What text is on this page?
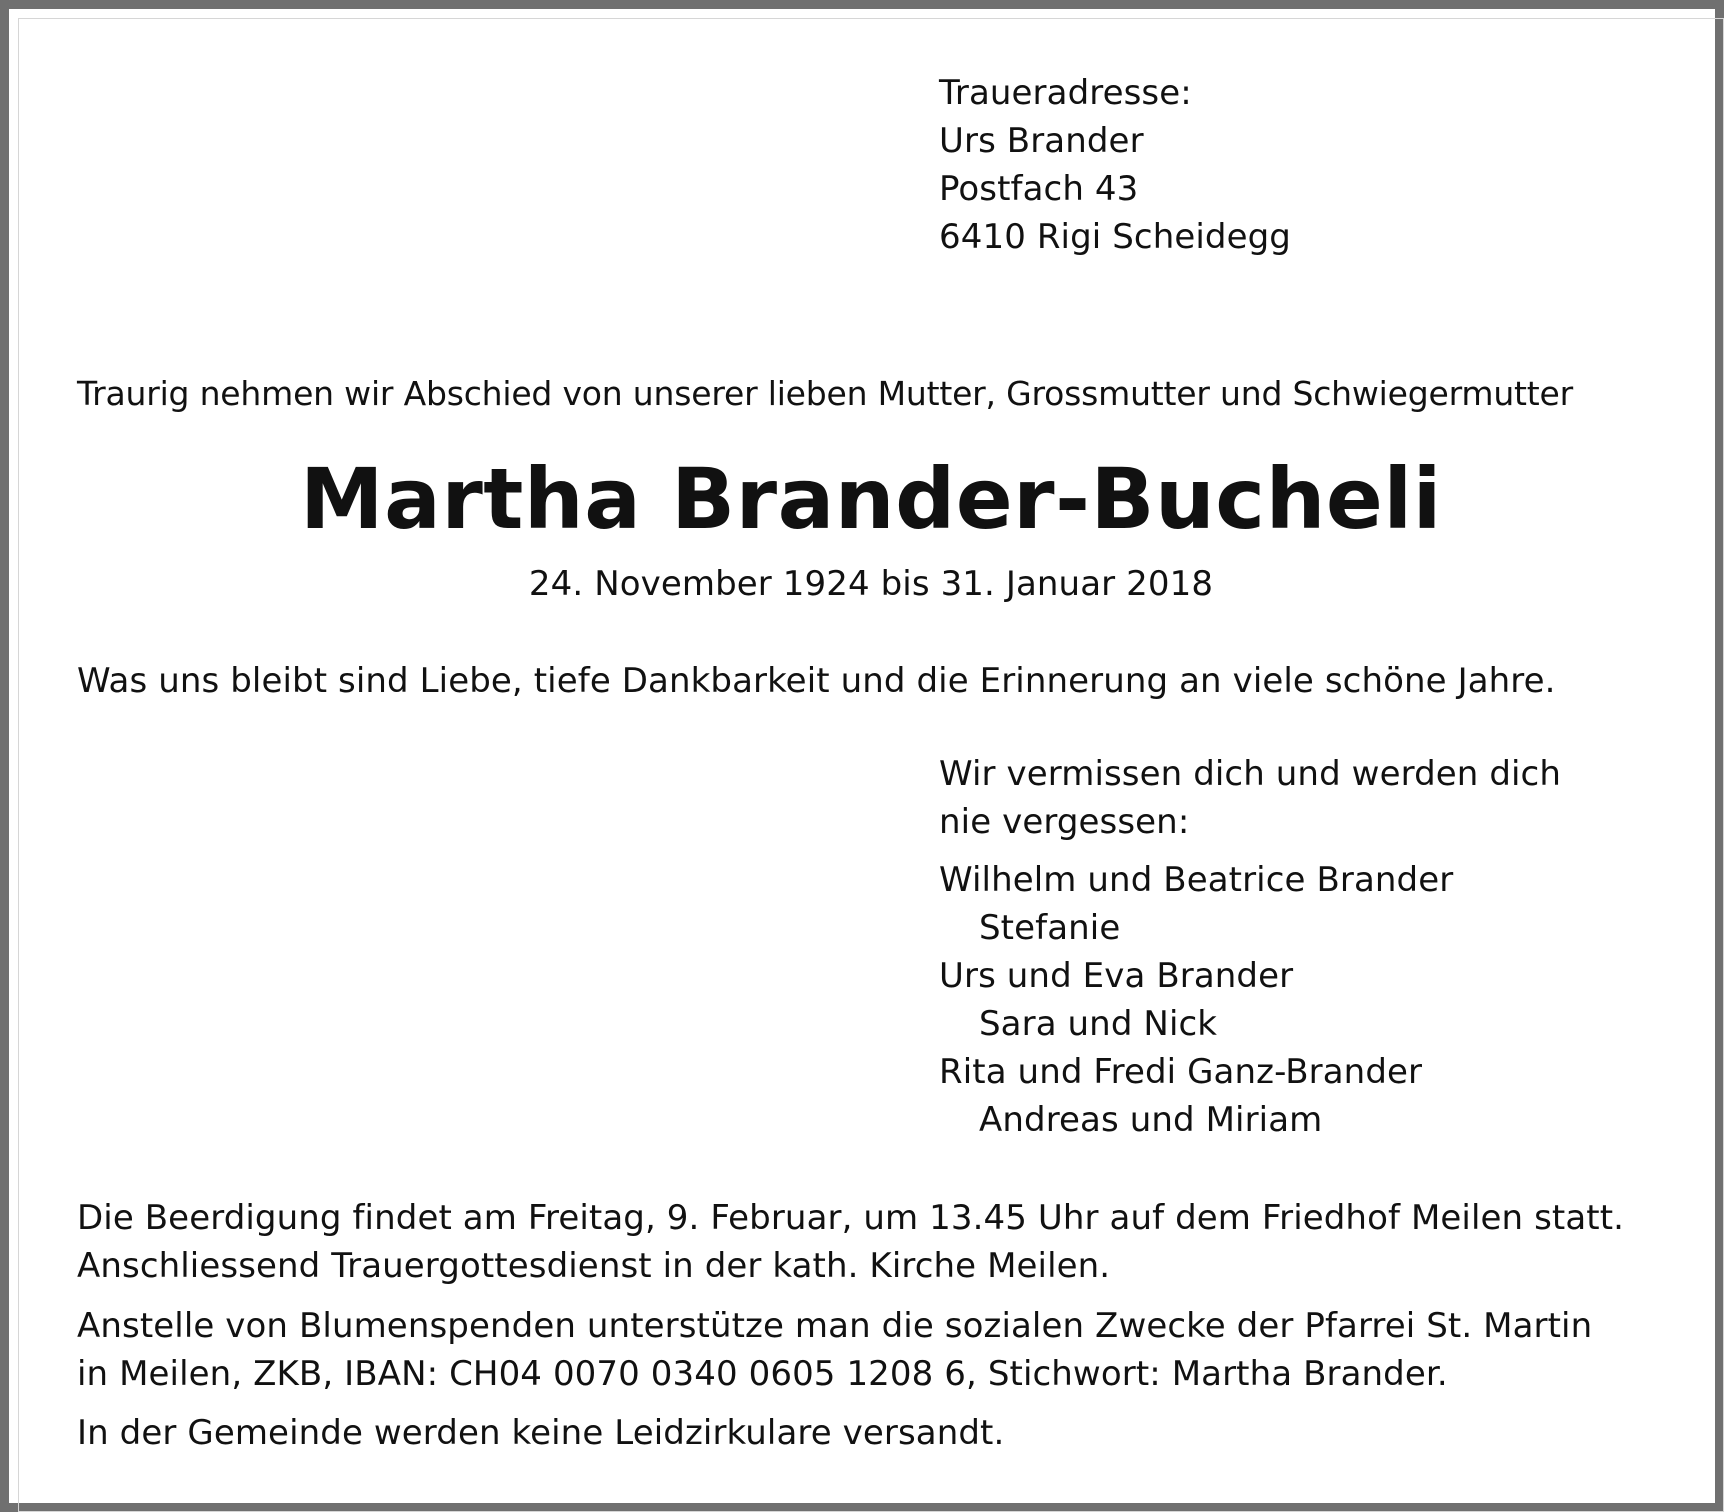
Traueradresse:
Urs Brander
Postfach 43
6410 Rigi Scheidegg

Traurig nehmen wir Abschied von unserer lieben Mutter, Grossmutter und Schwiegermutter

Martha Brander-Bucheli

24. November 1924 bis 31. Januar 2018

Was uns bleibt sind Liebe, tiefe Dankbarkeit und die Erinnerung an viele schöne Jahre.

Wir vermissen dich und werden dich
nie vergessen:
Wilhelm und Beatrice Brander
Stefanie
Urs und Eva Brander
Sara und Nick
Rita und Fredi Ganz-Brander
Andreas und Miriam
Die Beerdigung findet am Freitag, 9. Februar, um 13.45 Uhr auf dem Friedhof Meilen statt.
Anschliessend Trauergottesdienst in der kath. Kirche Meilen.
Anstelle von Blumenspenden unterstütze man die sozialen Zwecke der Pfarrei St. Martin
in Meilen, ZKB, IBAN: CH04 0070 0340 0605 1208 6, Stichwort: Martha Brander.

In der Gemeinde werden keine Leidzirkulare versandt.
